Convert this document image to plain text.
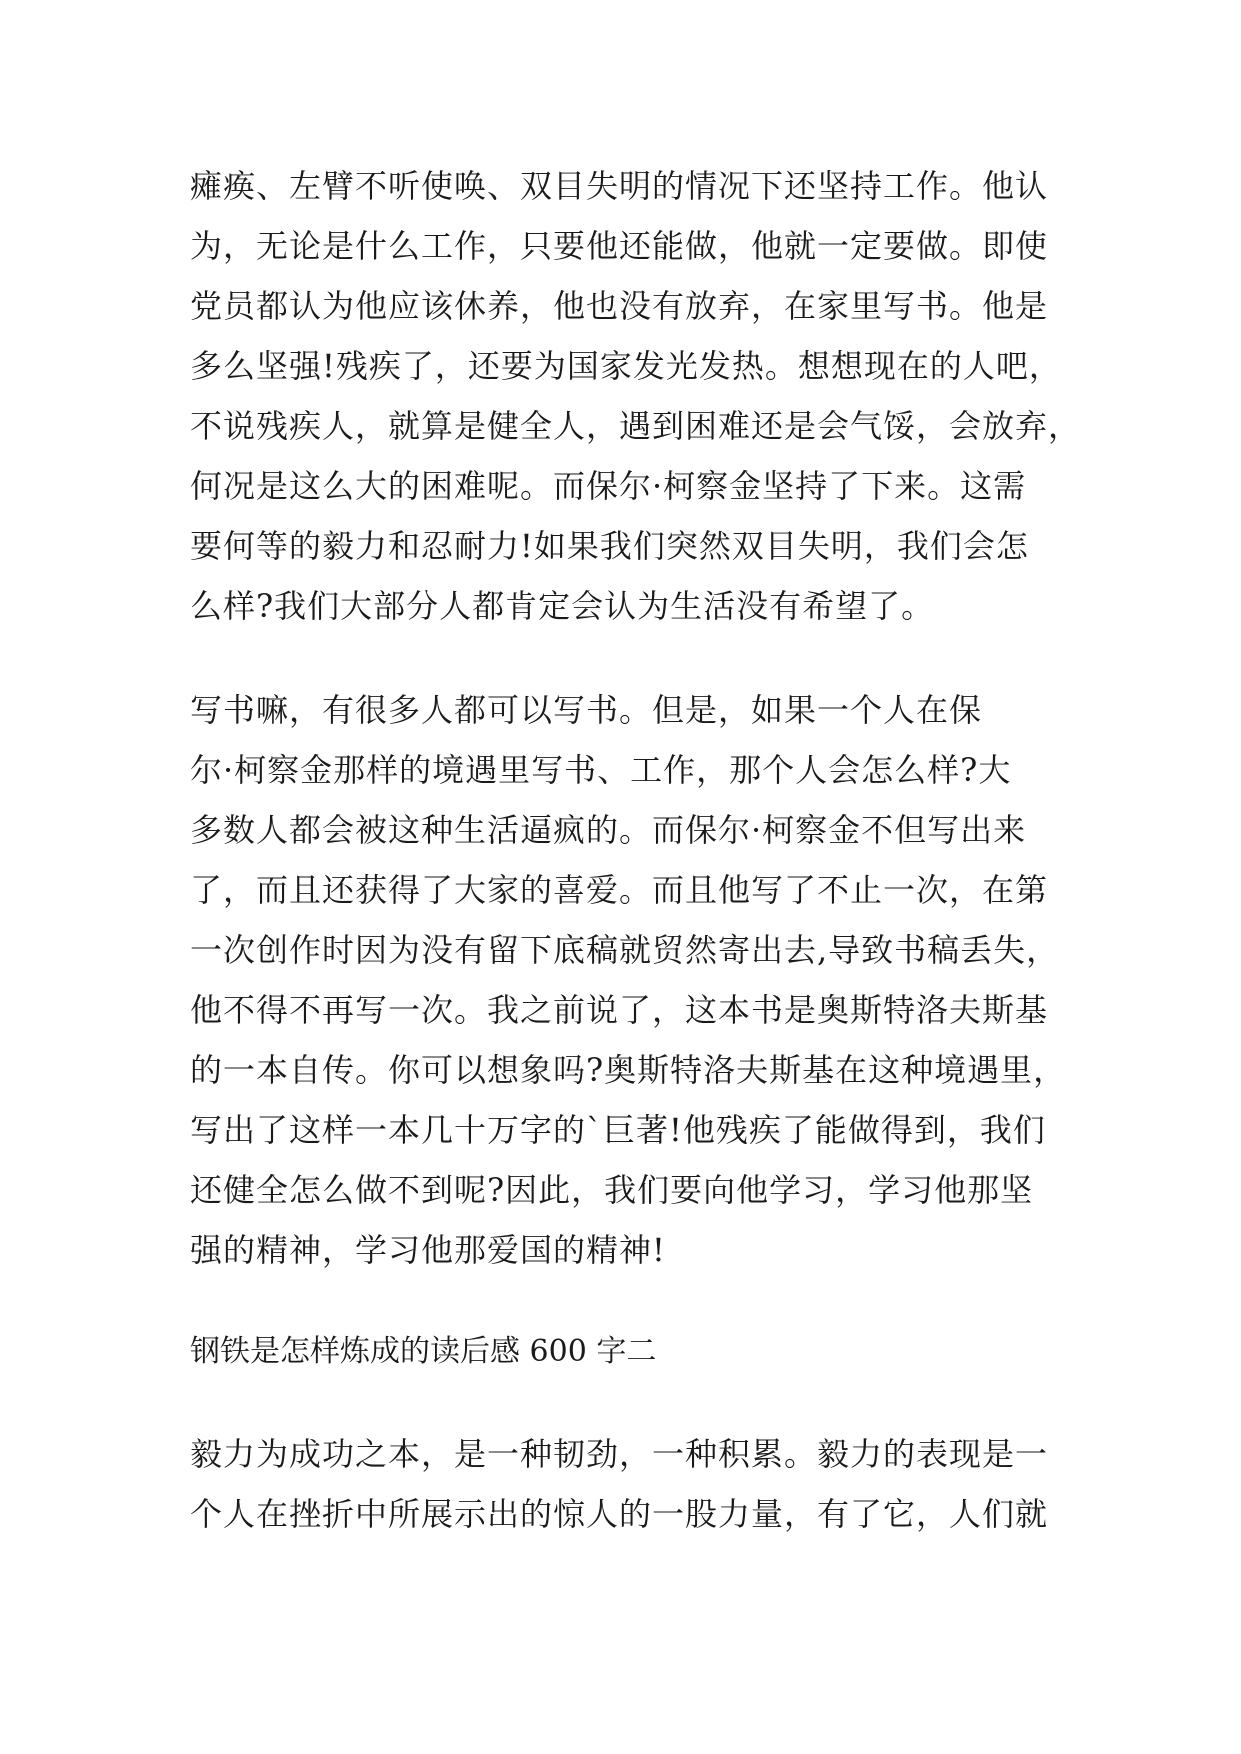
瘫痪、左臂不听使唤、双目失明的情况下还坚持工作。他认
为，无论是什么工作，只要他还能做，他就一定要做。即使
党员都认为他应该休养，他也没有放弃，在家里写书。他是
多么坚强!残疾了，还要为国家发光发热。想想现在的人吧，
不说残疾人，就算是健全人，遇到困难还是会气馁，会放弃，
何况是这么大的困难呢。而保尔·柯察金坚持了下来。这需
要何等的毅力和忍耐力!如果我们突然双目失明，我们会怎
么样?我们大部分人都肯定会认为生活没有希望了。
写书嘛，有很多人都可以写书。但是，如果一个人在保
尔·柯察金那样的境遇里写书、工作，那个人会怎么样?大
多数人都会被这种生活逼疯的。而保尔·柯察金不但写出来
了，而且还获得了大家的喜爱。而且他写了不止一次，在第
一次创作时因为没有留下底稿就贸然寄出去,导致书稿丢失，
他不得不再写一次。我之前说了，这本书是奥斯特洛夫斯基
的一本自传。你可以想象吗?奥斯特洛夫斯基在这种境遇里，
写出了这样一本几十万字的`巨著!他残疾了能做得到，我们
还健全怎么做不到呢?因此，我们要向他学习，学习他那坚
强的精神，学习他那爱国的精神!
钢铁是怎样炼成的读后感 600 字二
毅力为成功之本，是一种韧劲，一种积累。毅力的表现是一
个人在挫折中所展示出的惊人的一股力量，有了它，人们就
